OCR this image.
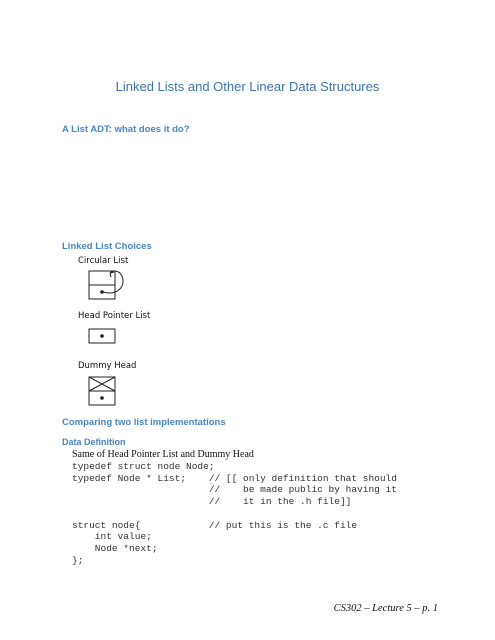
Linked Lists and Other Linear Data Structures
A List ADT: what does it do?
Linked List Choices
Circular List
Head Pointer List
Dummy Head
Comparing two list implementations
Data Definition
Same of Head Pointer List and Dummy Head
typedef struct node Node;
typedef Node * List;    // [[ only definition that should
//    be made public by having it
//    it in the .h file]]
struct node{            // put this is the .c file
int value;
Node *next;
};
CS302 – Lecture 5 – p. 1
